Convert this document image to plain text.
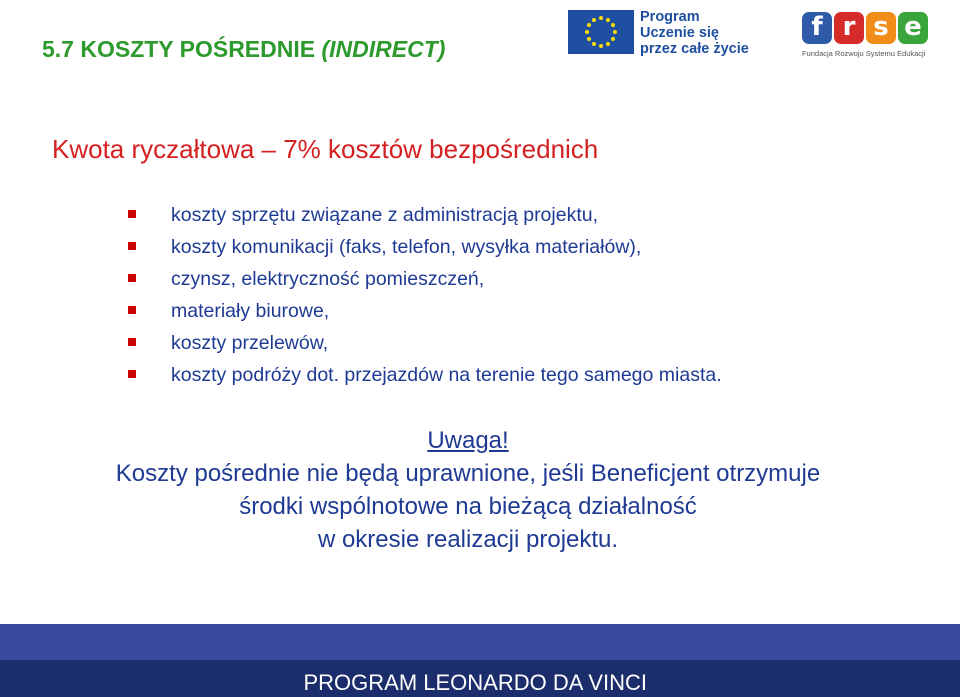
5.7 KOSZTY POŚREDNIE (INDIRECT)
Program
Uczenie się
przez całe życie
f r s e
Fundacja Rozwoju Systemu Edukacji
Kwota ryczałtowa – 7% kosztów bezpośrednich
koszty sprzętu związane z administracją projektu,
koszty komunikacji (faks, telefon, wysyłka materiałów),
czynsz, elektryczność pomieszczeń,
materiały biurowe,
koszty przelewów,
koszty podróży dot. przejazdów na terenie tego samego miasta.
Uwaga!
Koszty pośrednie nie będą uprawnione, jeśli Beneficjent otrzymuje
środki wspólnotowe na bieżącą działalność
w okresie realizacji projektu.
PROGRAM LEONARDO DA VINCI
